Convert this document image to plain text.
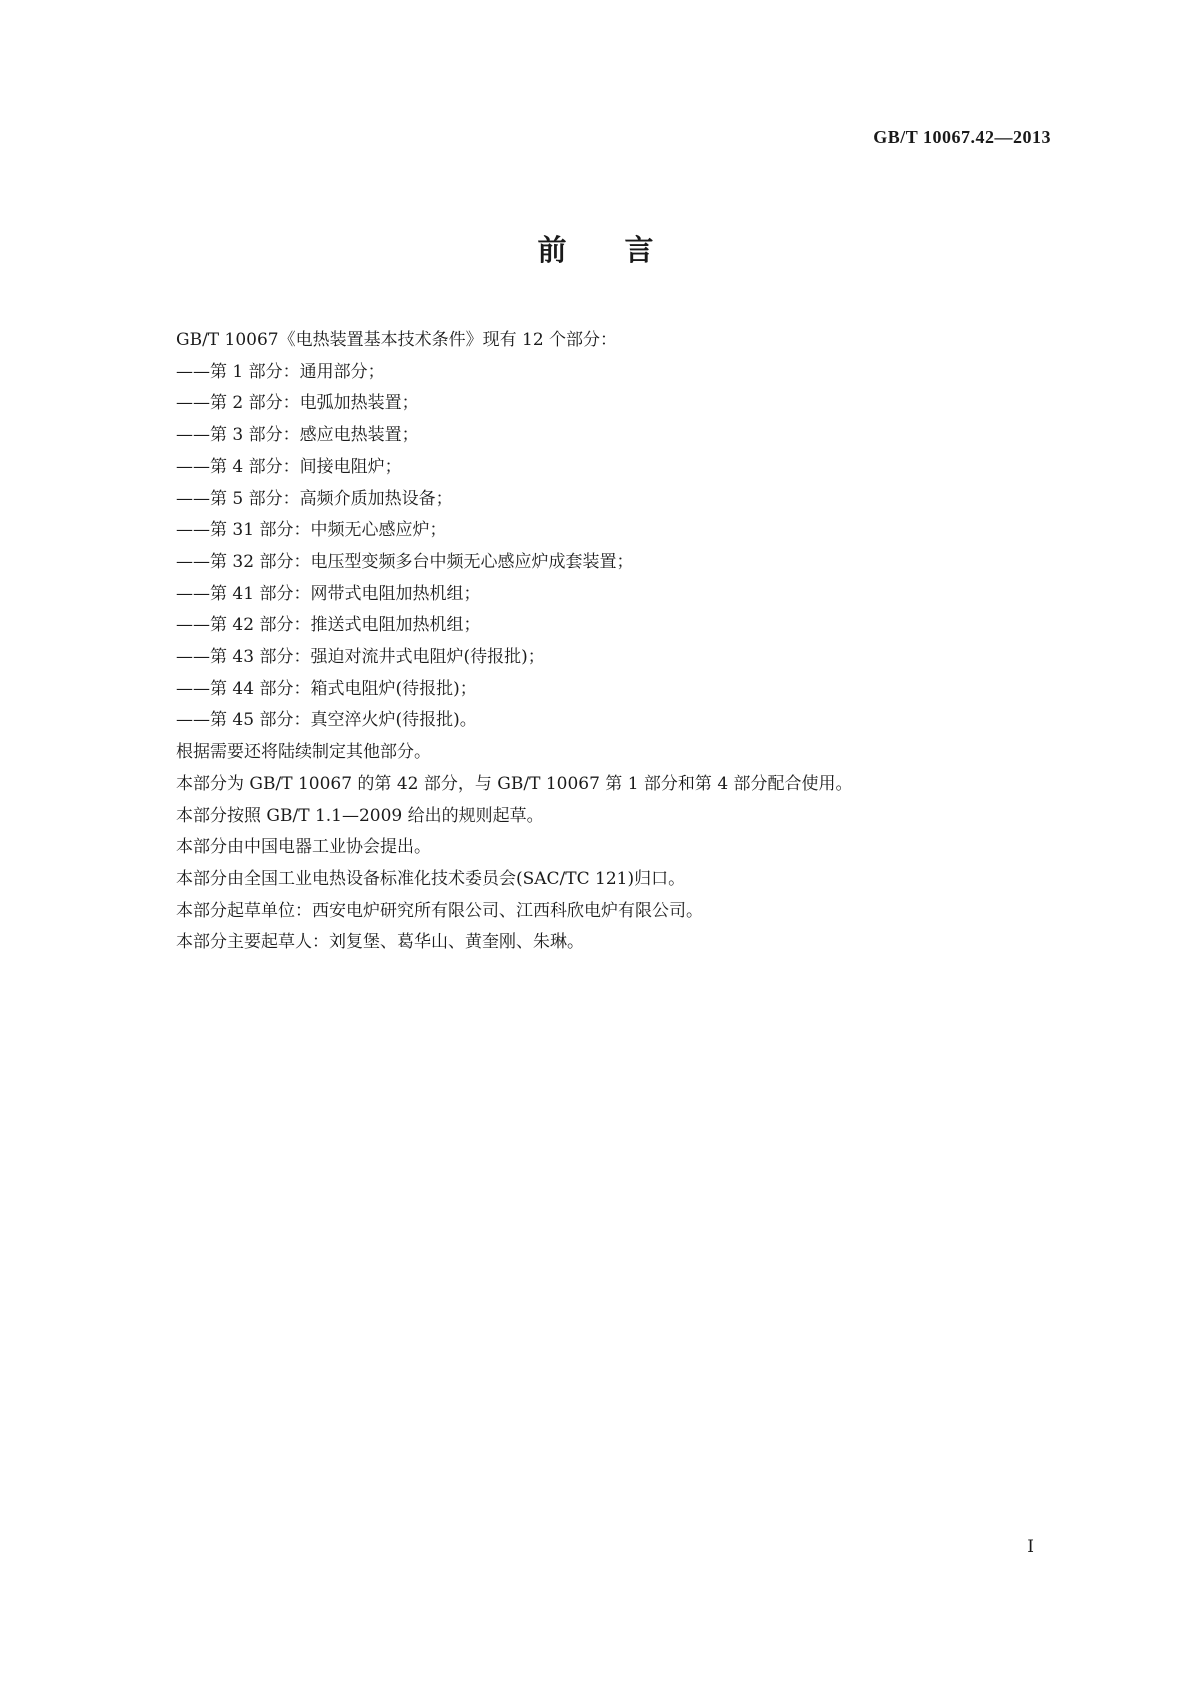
GB/T 10067.42—2013
前言

GB/T 10067《电热装置基本技术条件》现有 12 个部分：

——第 1 部分：通用部分；

——第 2 部分：电弧加热装置；

——第 3 部分：感应电热装置；

——第 4 部分：间接电阻炉；

——第 5 部分：高频介质加热设备；

——第 31 部分：中频无心感应炉；

——第 32 部分：电压型变频多台中频无心感应炉成套装置；

——第 41 部分：网带式电阻加热机组；

——第 42 部分：推送式电阻加热机组；

——第 43 部分：强迫对流井式电阻炉(待报批)；

——第 44 部分：箱式电阻炉(待报批)；

——第 45 部分：真空淬火炉(待报批)。

根据需要还将陆续制定其他部分。

本部分为 GB/T 10067 的第 42 部分，与 GB/T 10067 第 1 部分和第 4 部分配合使用。

本部分按照 GB/T 1.1—2009 给出的规则起草。

本部分由中国电器工业协会提出。

本部分由全国工业电热设备标准化技术委员会(SAC/TC 121)归口。

本部分起草单位：西安电炉研究所有限公司、江西科欣电炉有限公司。

本部分主要起草人：刘复堡、葛华山、黄奎刚、朱琳。

I
